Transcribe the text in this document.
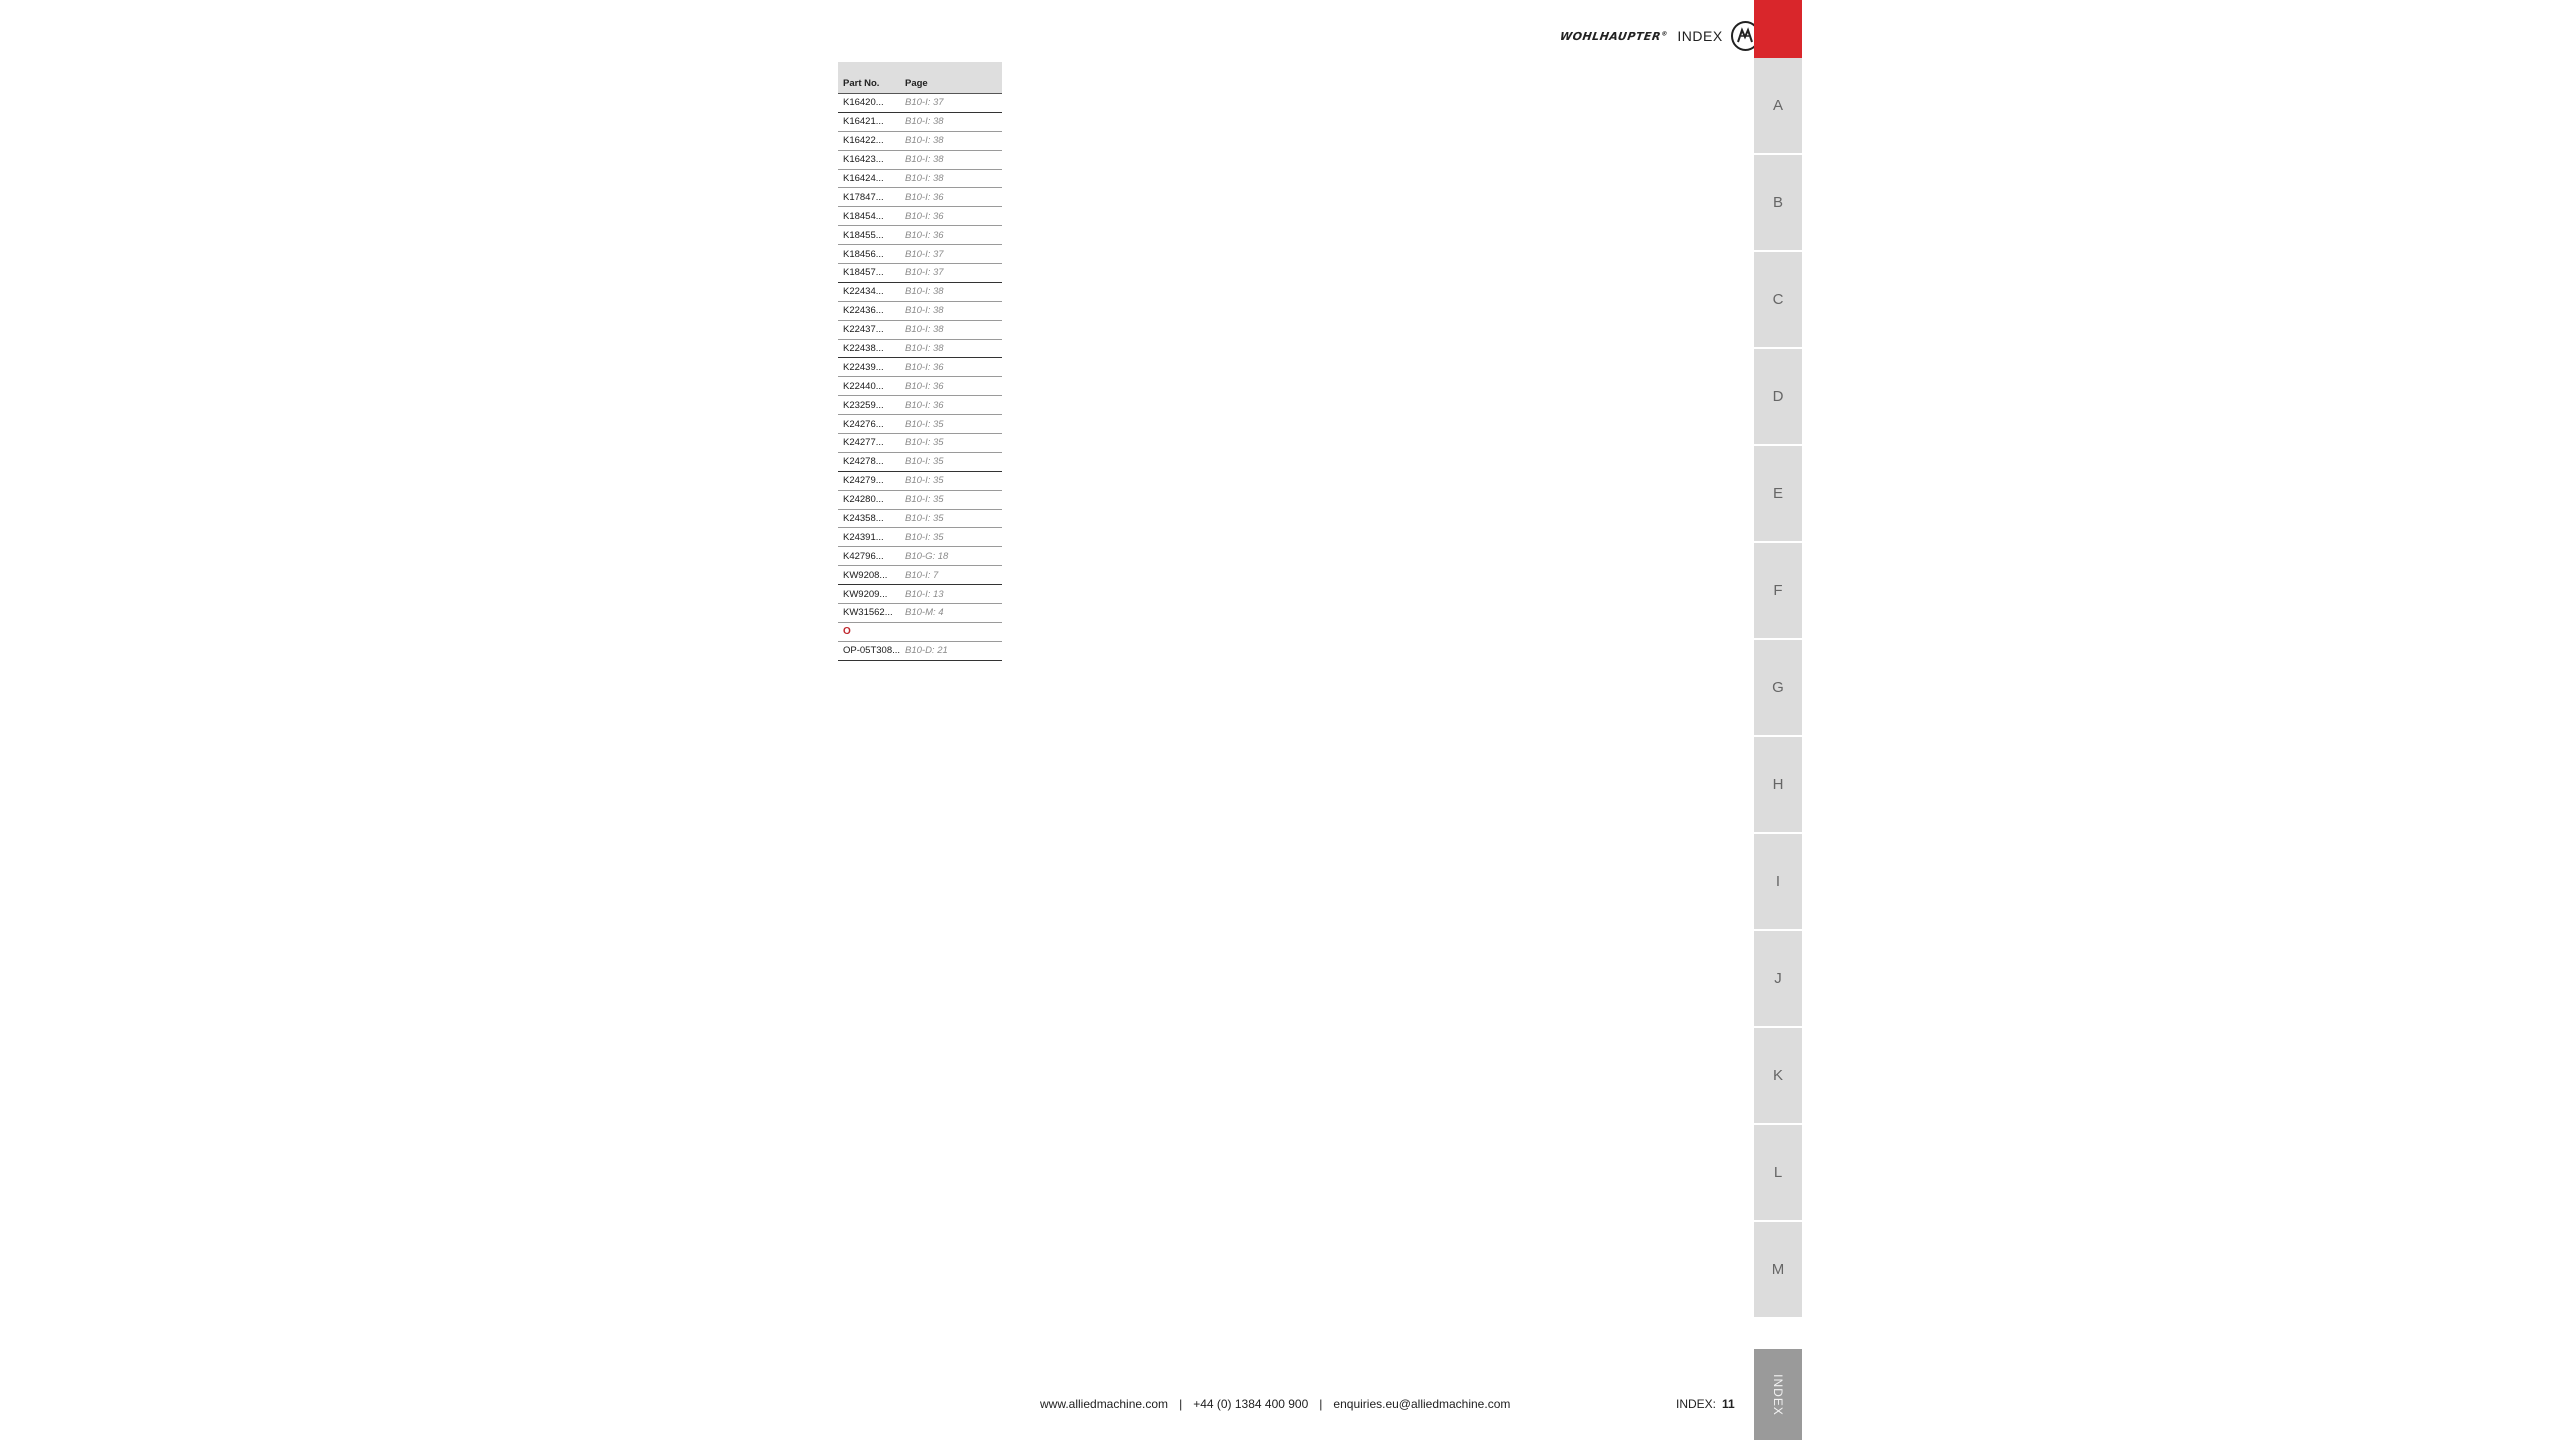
WOHLHAUPTER® INDEX
Part No.	Page
K16420...	B10-I: 37
K16421...	B10-I: 38
K16422...	B10-I: 38
K16423...	B10-I: 38
K16424...	B10-I: 38
K17847...	B10-I: 36
K18454...	B10-I: 36
K18455...	B10-I: 36
K18456...	B10-I: 37
K18457...	B10-I: 37
K22434...	B10-I: 38
K22436...	B10-I: 38
K22437...	B10-I: 38
K22438...	B10-I: 38
K22439...	B10-I: 36
K22440...	B10-I: 36
K23259...	B10-I: 36
K24276...	B10-I: 35
K24277...	B10-I: 35
K24278...	B10-I: 35
K24279...	B10-I: 35
K24280...	B10-I: 35
K24358...	B10-I: 35
K24391...	B10-I: 35
K42796...	B10-G: 18
KW9208...	B10-I: 7
KW9209...	B10-I: 13
KW31562...	B10-M: 4
O
OP-05T308... B10-D: 21
A
B
C
D
E
F
G
H
I
J
K
L
M
INDEX
www.alliedmachine.com | +44 (0) 1384 400 900 | enquiries.eu@alliedmachine.com	INDEX: 11
